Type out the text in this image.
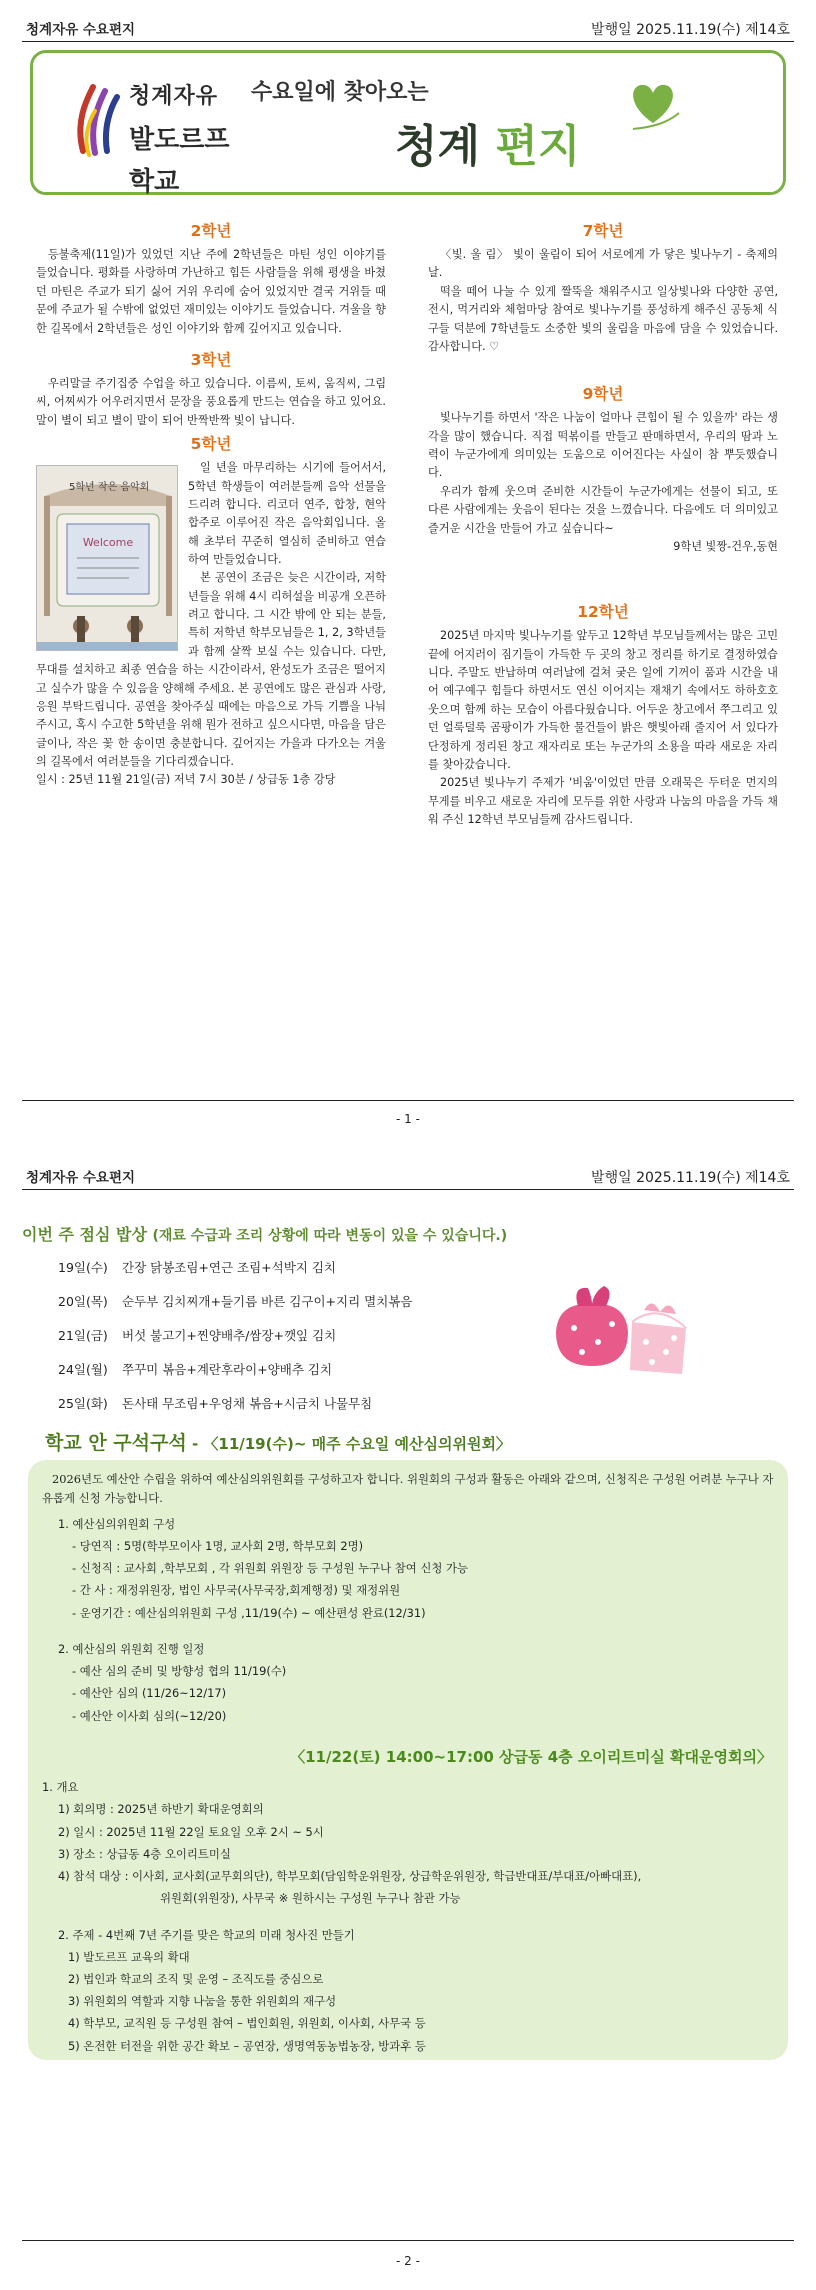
청계자유 수요편지	발행일 2025.11.19(수) 제14호
청계자유
발도르프학교
수요일에 찾아오는
청계 편지
2학년

등불축제(11일)가 있었던 지난 주에 2학년들은 마틴 성인 이야기를 들었습니다. 평화를 사랑하며 가난하고 힘든 사람들을 위해 평생을 바쳤던 마틴은 주교가 되기 싫어 거위 우리에 숨어 있었지만 결국 거위들 때문에 주교가 될 수밖에 없었던 재미있는 이야기도 들었습니다. 겨울을 향한 길목에서 2학년들은 성인 이야기와 함께 깊어지고 있습니다.

3학년

우리말글 주기집중 수업을 하고 있습니다. 이름씨, 토씨, 움직씨, 그림씨, 어찌씨가 어우러지면서 문장을 풍요롭게 만드는 연습을 하고 있어요. 말이 별이 되고 별이 말이 되어 반짝반짝 빛이 납니다.

5학년
Welcome
5학년 작은 음악회

일 년을 마무리하는 시기에 들어서서, 5학년 학생들이 여러분들께 음악 선물을 드리려 합니다. 리코더 연주, 합창, 현악 합주로 이루어진 작은 음악회입니다. 올해 초부터 꾸준히 열심히 준비하고 연습하여 만들었습니다.

본 공연이 조금은 늦은 시간이라, 저학년들을 위해 4시 리허설을 비공개 오픈하려고 합니다. 그 시간 밖에 안 되는 분들, 특히 저학년 학부모님들은 1, 2, 3학년들과 함께 살짝 보실 수는 있습니다. 다만, 무대를 설치하고 최종 연습을 하는 시간이라서, 완성도가 조금은 떨어지고 실수가 많을 수 있음을 양해해 주세요. 본 공연에도 많은 관심과 사랑, 응원 부탁드립니다. 공연을 찾아주실 때에는 마음으로 가득 기쁨을 나눠주시고, 혹시 수고한 5학년을 위해 뭔가 전하고 싶으시다면, 마음을 담은 글이나, 작은 꽃 한 송이면 충분합니다. 깊어지는 가을과 다가오는 겨울의 길목에서 여러분들을 기다리겠습니다.

일시 : 25년 11월 21일(금) 저녁 7시 30분 / 상급동 1층 강당
7학년

〈빛. 울 림〉 빛이 울림이 되어 서로에게 가 닿은 빛나누기 - 축제의 날.

떡을 떼어 나눌 수 있게 짤뚝을 채워주시고 일상빛나와 다양한 공연, 전시, 먹거리와 체험마당 참여로 빛나누기를 풍성하게 해주신 공동체 식구들 덕분에 7학년들도 소중한 빛의 울림을 마음에 담을 수 있었습니다. 감사합니다. ♡

9학년

빛나누기를 하면서 '작은 나눔이 얼마나 큰힘이 될 수 있을까' 라는 생각을 많이 했습니다. 직접 떡볶이를 만들고 판매하면서, 우리의 땀과 노력이 누군가에게 의미있는 도움으로 이어진다는 사실이 참 뿌듯했습니다.

우리가 함께 웃으며 준비한 시간들이 누군가에게는 선물이 되고, 또 다른 사람에게는 웃음이 된다는 것을 느꼈습니다. 다음에도 더 의미있고 즐거운 시간을 만들어 가고 싶습니다~

9학년 빛짱-건우,동현
12학년

2025년 마지막 빛나누기를 앞두고 12학년 부모님들께서는 많은 고민끝에 어지러이 짐기들이 가득한 두 곳의 창고 정리를 하기로 결정하였습니다. 주말도 반납하며 여러날에 걸쳐 궂은 일에 기꺼이 품과 시간을 내어 예구예구 힘들다 하면서도 연신 이어지는 재채기 속에서도 하하호호 웃으며 함께 하는 모습이 아름다웠습니다. 어두운 창고에서 쭈그리고 있던 얼룩덜룩 곰팡이가 가득한 물건들이 밝은 햇빛아래 줄지어 서 있다가 단정하게 정리된 창고 재자리로 또는 누군가의 소용을 따라 새로운 자리를 찾아갔습니다.

2025년 빛나누기 주제가 '비움'이었던 만큼 오래묵은 두터운 먼지의 무게를 비우고 새로운 자리에 모두를 위한 사랑과 나눔의 마음을 가득 채워 주신 12학년 부모님들께 감사드립니다.

- 1 -
청계자유 수요편지	발행일 2025.11.19(수) 제14호
이번 주 점심 밥상 (재료 수급과 조리 상황에 따라 변동이 있을 수 있습니다.)
19일(수)	간장 닭봉조림+연근 조림+석박지 김치
20일(목)	순두부 김치찌개+들기름 바른 김구이+지리 멸치볶음
21일(금)	버섯 불고기+찐양배추/쌈장+깻잎 김치
24일(월)	쭈꾸미 볶음+계란후라이+양배추 김치
25일(화)	돈사태 무조림+우엉채 볶음+시금치 나물무침
학교 안 구석구석 - 〈11/19(수)~ 매주 수요일 예산심의위원회〉
2026년도 예산안 수립을 위하여 예산심의위원회를 구성하고자 합니다. 위원회의 구성과 활동은 아래와 같으며, 신청직은 구성원 어려분 누구나 자유롭게 신청 가능합니다.
1. 예산심의위원회 구성
- 당연직 : 5명(학부모이사 1명, 교사회 2명, 학부모회 2명)
- 신청직 : 교사회 ,학부모회 , 각 위원회 위원장 등 구성원 누구나 참여 신청 가능
- 간 사 : 재정위원장, 법인 사무국(사무국장,회계행정) 및 재정위원
- 운영기간 : 예산심의위원회 구성 ,11/19(수) ~ 예산편성 완료(12/31)
2. 예산심의 위원회 진행 일정
- 예산 심의 준비 및 방향성 협의 11/19(수)
- 예산안 심의 (11/26~12/17)
- 예산안 이사회 심의(~12/20)
〈11/22(토) 14:00~17:00 상급동 4층 오이리트미실 확대운영회의〉
1. 개요
1) 회의명 : 2025년 하반기 확대운영회의
2) 일시 : 2025년 11월 22일 토요일 오후 2시 ~ 5시
3) 장소 : 상급동 4층 오이리트미실
4) 참석 대상 : 이사회, 교사회(교무회의단), 학부모회(담임학운위원장, 상급학운위원장, 학급반대표/부대표/아빠대표),
위원회(위원장), 사무국 ※ 원하시는 구성원 누구나 참관 가능
2. 주제 - 4번째 7년 주기를 맞은 학교의 미래 청사진 만들기
1) 발도르프 교육의 확대
2) 법인과 학교의 조직 및 운영 – 조직도를 중심으로
3) 위원회의 역할과 지향 나눔을 통한 위원회의 재구성
4) 학부모, 교직원 등 구성원 참여 – 법인회원, 위원회, 이사회, 사무국 등
5) 온전한 터전을 위한 공간 확보 – 공연장, 생명역동농법농장, 방과후 등
- 2 -
